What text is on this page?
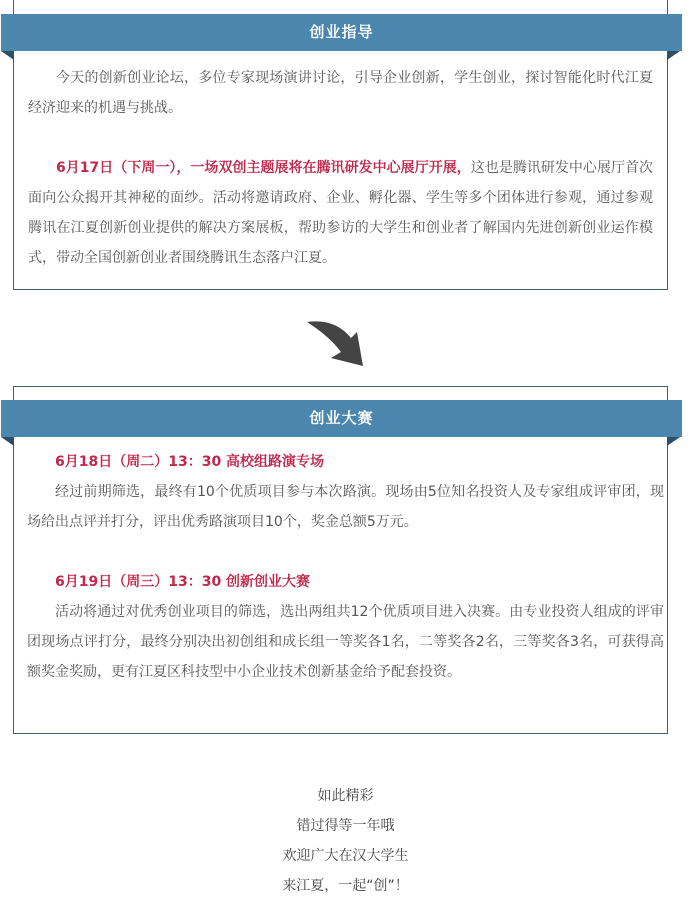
创业指导

今天的创新创业论坛，多位专家现场演讲讨论，引导企业创新，学生创业，探讨智能化时代江夏经济迎来的机遇与挑战。

6月17日（下周一），一场双创主题展将在腾讯研发中心展厅开展，这也是腾讯研发中心展厅首次面向公众揭开其神秘的面纱。活动将邀请政府、企业、孵化器、学生等多个团体进行参观，通过参观腾讯在江夏创新创业提供的解决方案展板，帮助参访的大学生和创业者了解国内先进创新创业运作模式，带动全国创新创业者围绕腾讯生态落户江夏。

创业大赛

6月18日（周二）13：30 高校组路演专场

经过前期筛选，最终有10个优质项目参与本次路演。现场由5位知名投资人及专家组成评审团，现场给出点评并打分，评出优秀路演项目10个，奖金总额5万元。

6月19日（周三）13：30 创新创业大赛

活动将通过对优秀创业项目的筛选，选出两组共12个优质项目进入决赛。由专业投资人组成的评审团现场点评打分，最终分别决出初创组和成长组一等奖各1名，二等奖各2名，三等奖各3名，可获得高额奖金奖励，更有江夏区科技型中小企业技术创新基金给予配套投资。

如此精彩
错过得等一年哦
欢迎广大在汉大学生
来江夏，一起“创”！
